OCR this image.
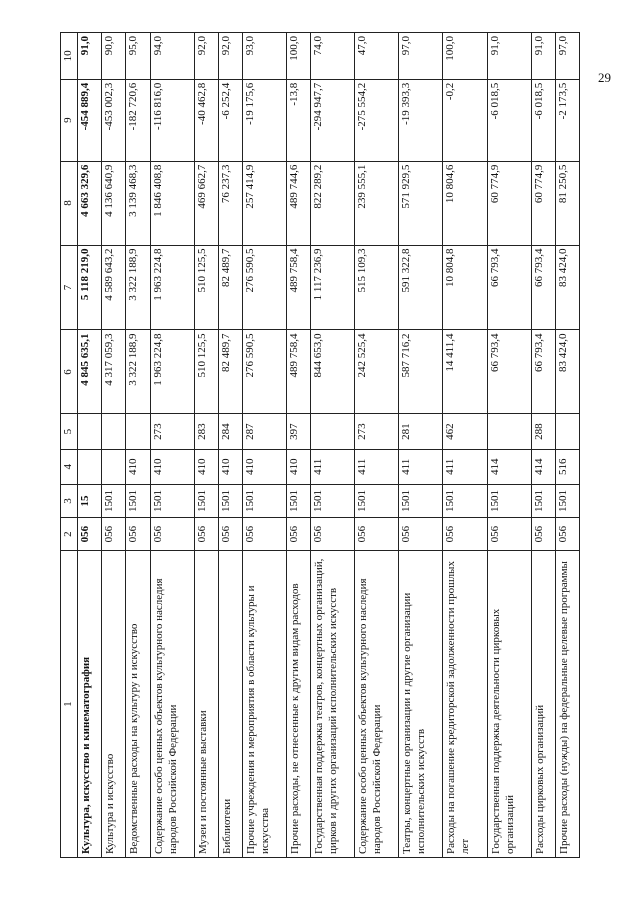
29
1	2	3	4	5	6	7	8	9	10
Культура, искусство и кинематография	056	15			4 845 635,1	5 118 219,0	4 663 329,6	-454 889,4	91,0
Культура и искусство	056	1501			4 317 059,3	4 589 643,2	4 136 640,9	-453 002,3	90,0
Ведомственные расходы на культуру и искусство	056	1501	410		3 322 188,9	3 322 188,9	3 139 468,3	-182 720,6	95,0
Содержание особо ценных объектов культурного наследия народов Российской Федерации	056	1501	410	273	1 963 224,8	1 963 224,8	1 846 408,8	-116 816,0	94,0
Музеи и постоянные выставки	056	1501	410	283	510 125,5	510 125,5	469 662,7	-40 462,8	92,0
Библиотеки	056	1501	410	284	82 489,7	82 489,7	76 237,3	-6 252,4	92,0
Прочие учреждения и мероприятия в области культуры и искусства	056	1501	410	287	276 590,5	276 590,5	257 414,9	-19 175,6	93,0
Прочие расходы, не отнесенные к другим видам расходов	056	1501	410	397	489 758,4	489 758,4	489 744,6	-13,8	100,0
Государственная поддержка театров, концертных организаций, цирков и других организаций исполнительских искусств	056	1501	411		844 653,0	1 117 236,9	822 289,2	-294 947,7	74,0
Содержание особо ценных объектов культурного наследия народов Российской Федерации	056	1501	411	273	242 525,4	515 109,3	239 555,1	-275 554,2	47,0
Театры, концертные организации и другие организации исполнительских искусств	056	1501	411	281	587 716,2	591 322,8	571 929,5	-19 393,3	97,0
Расходы на погашение кредиторской задолженности прошлых лет	056	1501	411	462	14 411,4	10 804,8	10 804,6	-0,2	100,0
Государственная поддержка деятельности цирковых организаций	056	1501	414		66 793,4	66 793,4	60 774,9	-6 018,5	91,0
Расходы цирковых организаций	056	1501	414	288	66 793,4	66 793,4	60 774,9	-6 018,5	91,0
Прочие расходы (нужды) на федеральные целевые программы	056	1501	516		83 424,0	83 424,0	81 250,5	-2 173,5	97,0
